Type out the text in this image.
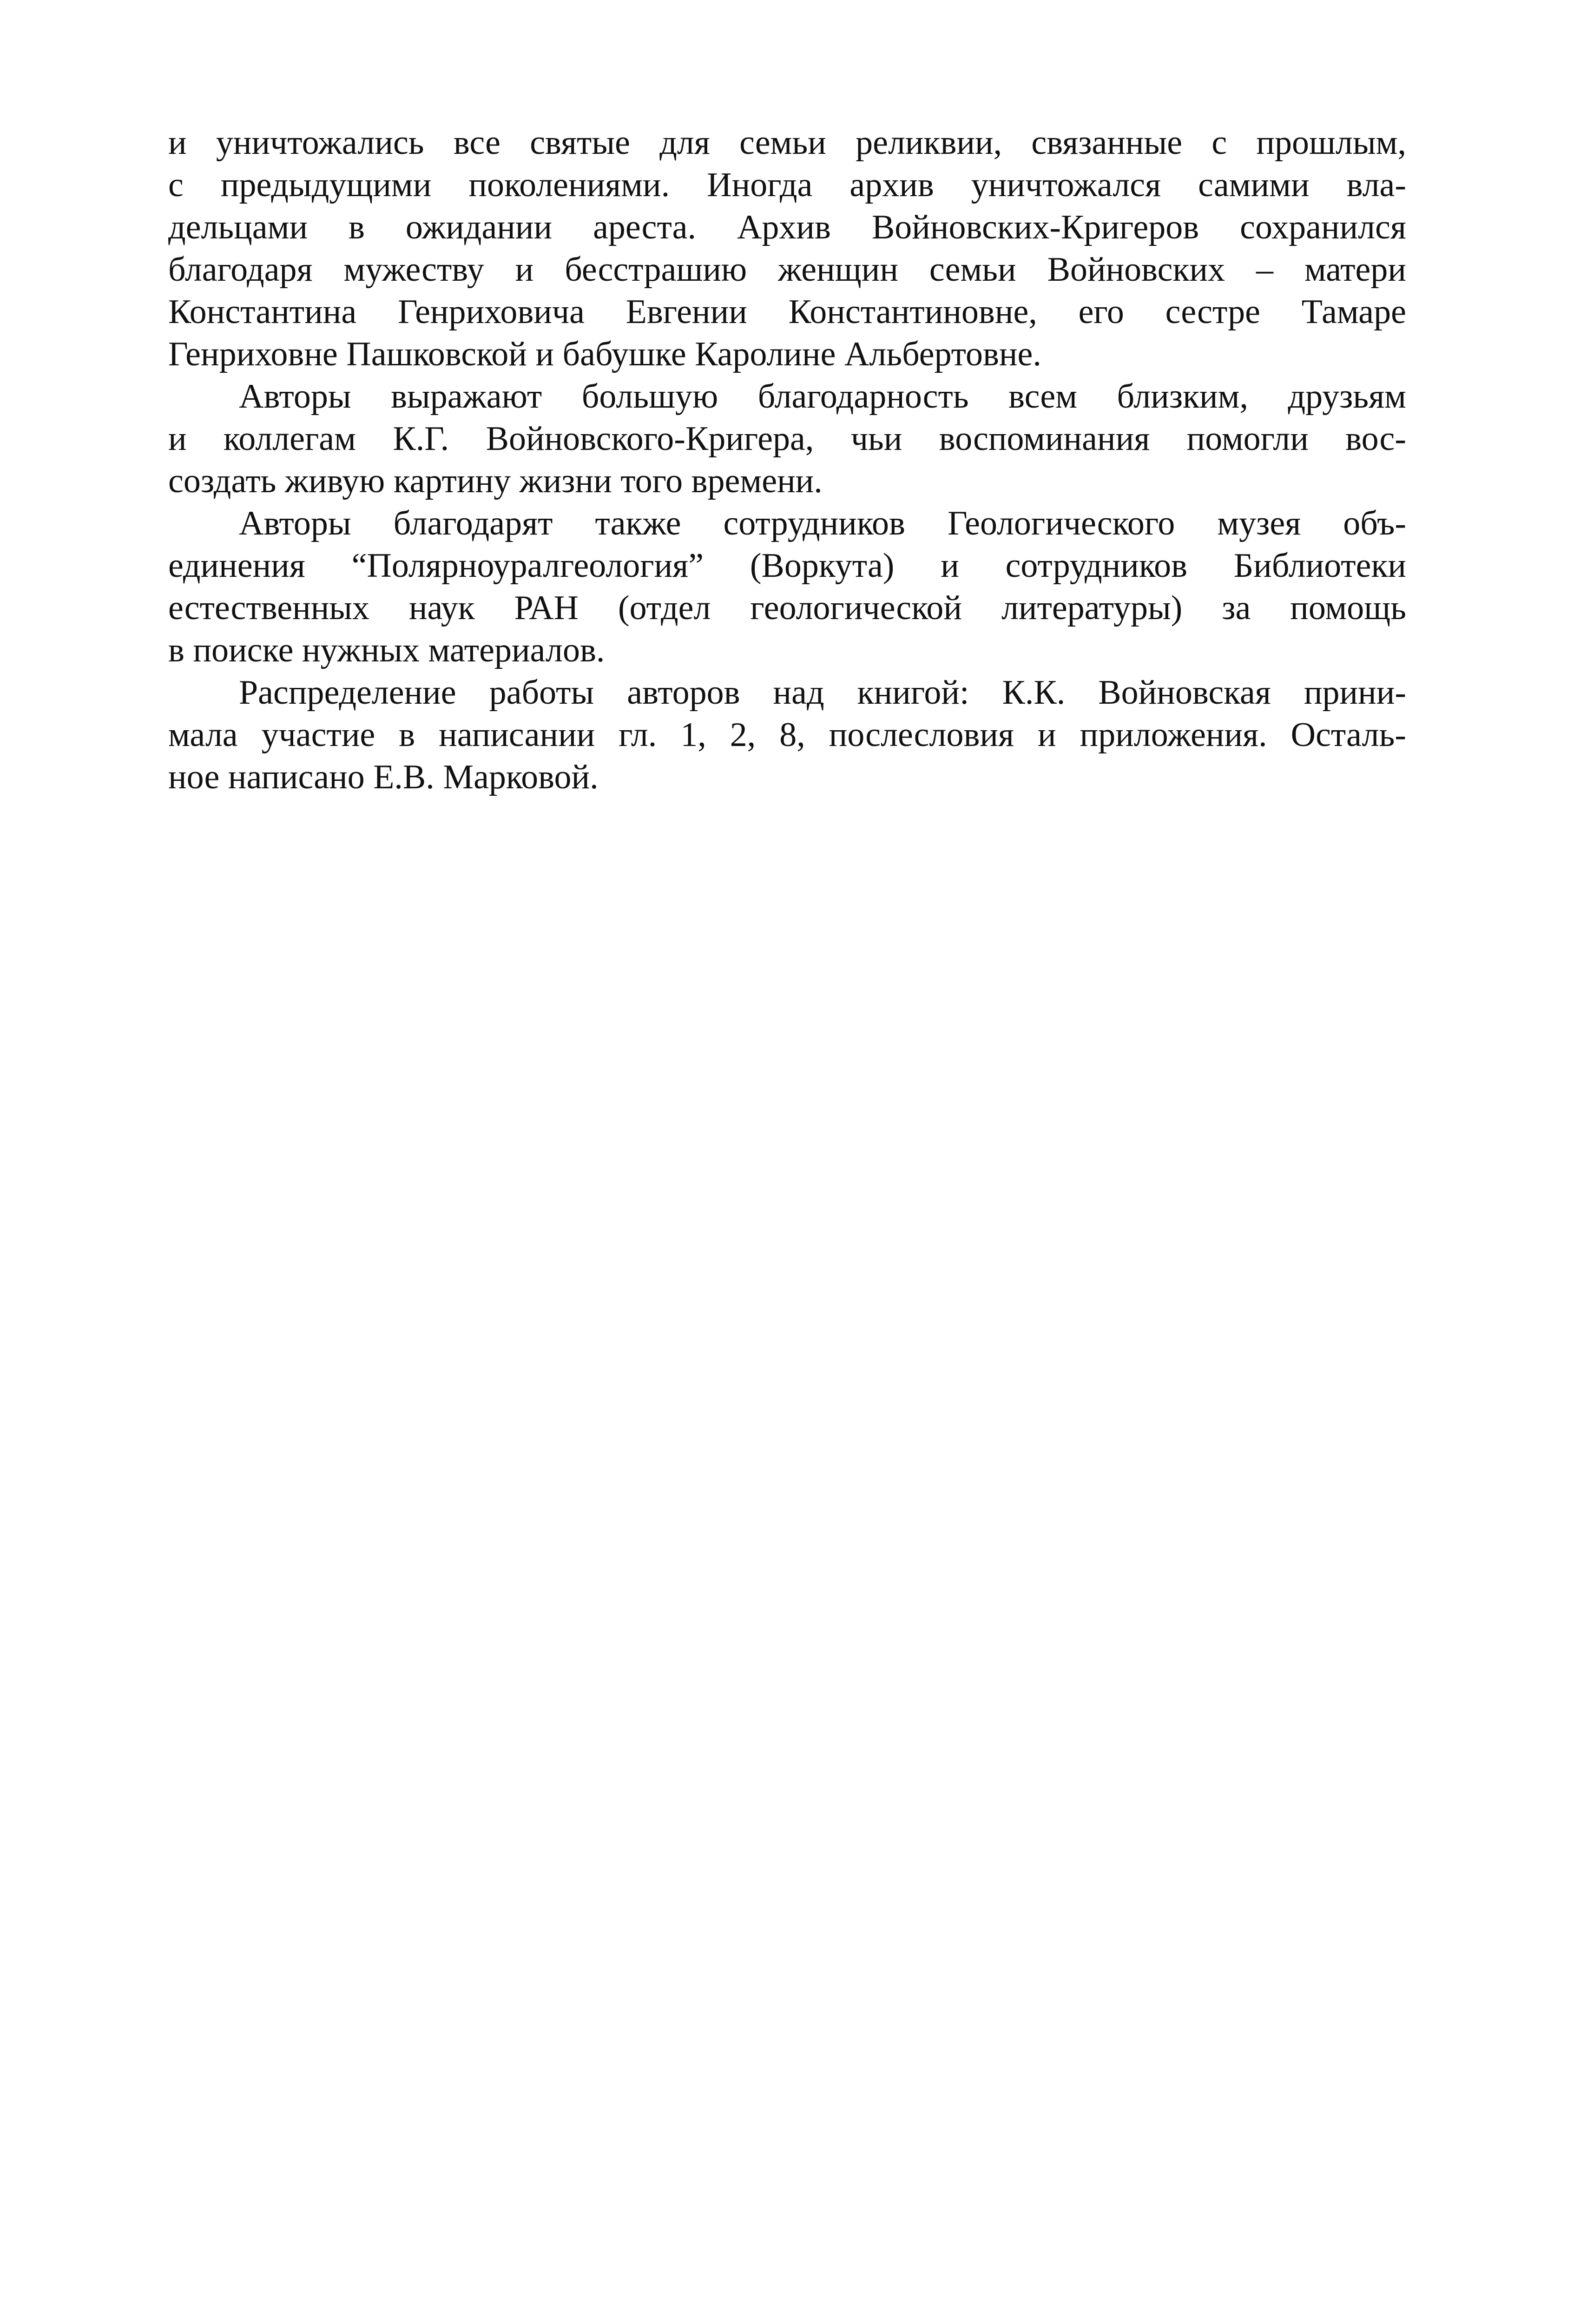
и уничтожались все святые для семьи реликвии, связанные с прошлым,
с предыдущими поколениями. Иногда архив уничтожался самими вла-
дельцами в ожидании ареста. Архив Войновских-Кригеров сохранился
благодаря мужеству и бесстрашию женщин семьи Войновских – матери
Константина Генриховича Евгении Константиновне, его сестре Тамаре
Генриховне Пашковской и бабушке Каролине Альбертовне.
Авторы выражают большую благодарность всем близким, друзьям
и коллегам К.Г. Войновского-Кригера, чьи воспоминания помогли вос-
создать живую картину жизни того времени.
Авторы благодарят также сотрудников Геологического музея объ-
единения “Полярноуралгеология” (Воркута) и сотрудников Библиотеки
естественных наук РАН (отдел геологической литературы) за помощь
в поиске нужных материалов.
Распределение работы авторов над книгой: К.К. Войновская прини-
мала участие в написании гл. 1, 2, 8, послесловия и приложения. Осталь-
ное написано Е.В. Марковой.
